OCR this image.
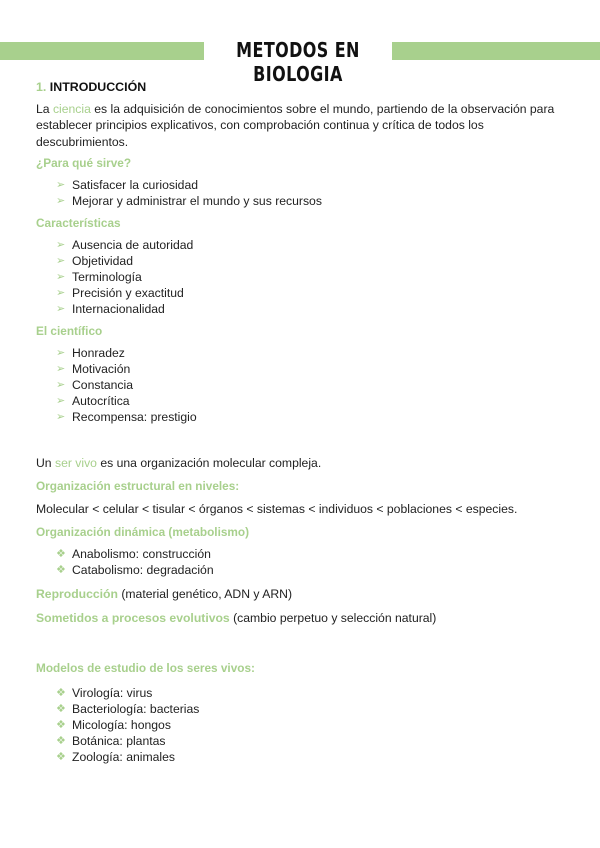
METODOS EN BIOLOGIA

1. INTRODUCCIÓN

La ciencia es la adquisición de conocimientos sobre el mundo, partiendo de la observación para establecer principios explicativos, con comprobación continua y crítica de todos los descubrimientos.

¿Para qué sirve?

➢ Satisfacer la curiosidad
➢ Mejorar y administrar el mundo y sus recursos

Características

➢ Ausencia de autoridad
➢ Objetividad
➢ Terminología
➢ Precisión y exactitud
➢ Internacionalidad

El científico

➢ Honradez
➢ Motivación
➢ Constancia
➢ Autocrítica
➢ Recompensa: prestigio

Un ser vivo es una organización molecular compleja.

Organización estructural en niveles:

Molecular < celular < tisular < órganos < sistemas < individuos < poblaciones < especies.

Organización dinámica (metabolismo)

❖ Anabolismo: construcción
❖ Catabolismo: degradación

Reproducción (material genético, ADN y ARN)

Sometidos a procesos evolutivos (cambio perpetuo y selección natural)

Modelos de estudio de los seres vivos:

❖ Virología: virus
❖ Bacteriología: bacterias
❖ Micología: hongos
❖ Botánica: plantas
❖ Zoología: animales
